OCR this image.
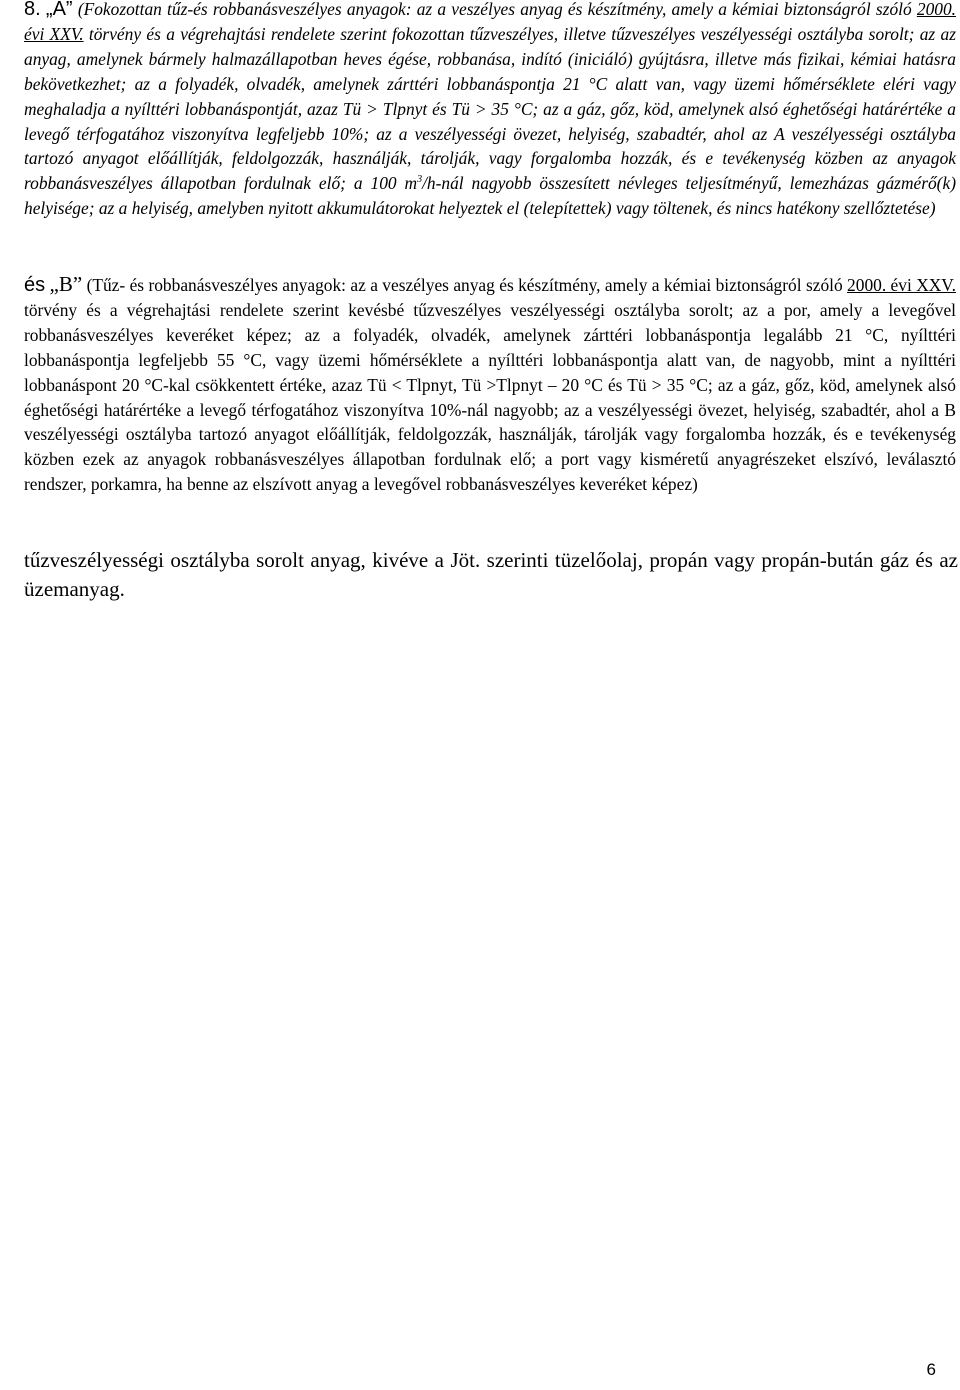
8. „A” (Fokozottan tűz-és robbanásveszélyes anyagok: az a veszélyes anyag és készítmény, amely a kémiai biztonságról szóló 2000. évi XXV. törvény és a végrehajtási rendelete szerint fokozottan tűzveszélyes, illetve tűzveszélyes veszélyességi osztályba sorolt; az az anyag, amelynek bármely halmazállapotban heves égése, robbanása, indító (iniciáló) gyújtásra, illetve más fizikai, kémiai hatásra bekövetkezhet; az a folyadék, olvadék, amelynek zárttéri lobbanáspontja 21 °C alatt van, vagy üzemi hőmérséklete eléri vagy meghaladja a nyílttéri lobbanáspontját, azaz Tü > Tlpnyt és Tü > 35 °C; az a gáz, gőz, köd, amelynek alsó éghetőségi határértéke a levegő térfogatához viszonyítva legfeljebb 10%; az a veszélyességi övezet, helyiség, szabadtér, ahol az A veszélyességi osztályba tartozó anyagot előállítják, feldolgozzák, használják, tárolják, vagy forgalomba hozzák, és e tevékenység közben az anyagok robbanásveszélyes állapotban fordulnak elő; a 100 $m^3/h$-nál nagyobb összesített névleges teljesítményű, lemezházas gázmérő(k) helyisége; az a helyiség, amelyben nyitott akkumulátorokat helyeztek el (telepítettek) vagy töltenek, és nincs hatékony szellőztetése)
és „B” (Tűz- és robbanásveszélyes anyagok: az a veszélyes anyag és készítmény, amely a kémiai biztonságról szóló 2000. évi XXV. törvény és a végrehajtási rendelete szerint kevésbé tűzveszélyes veszélyességi osztályba sorolt; az a por, amely a levegővel robbanásveszélyes keveréket képez; az a folyadék, olvadék, amelynek zárttéri lobbanáspontja legalább 21 °C, nyílttéri lobbanáspontja legfeljebb 55 °C, vagy üzemi hőmérséklete a nyílttéri lobbanáspontja alatt van, de nagyobb, mint a nyílttéri lobbanáspont 20 °C-kal csökkentett értéke, azaz Tü < Tlpnyt, Tü >Tlpnyt – 20 °C és Tü > 35 °C; az a gáz, gőz, köd, amelynek alsó éghetőségi határértéke a levegő térfogatához viszonyítva 10%-nál nagyobb; az a veszélyességi övezet, helyiség, szabadtér, ahol a B veszélyességi osztályba tartozó anyagot előállítják, feldolgozzák, használják, tárolják vagy forgalomba hozzák, és e tevékenység közben ezek az anyagok robbanásveszélyes állapotban fordulnak elő; a port vagy kisméretű anyagrészeket elszívó, leválasztó rendszer, porkamra, ha benne az elszívott anyag a levegővel robbanásveszélyes keveréket képez)
tűzveszélyességi osztályba sorolt anyag, kivéve a Jöt. szerinti tüzelőolaj, propán vagy propán-bután gáz és az üzemanyag.
6
